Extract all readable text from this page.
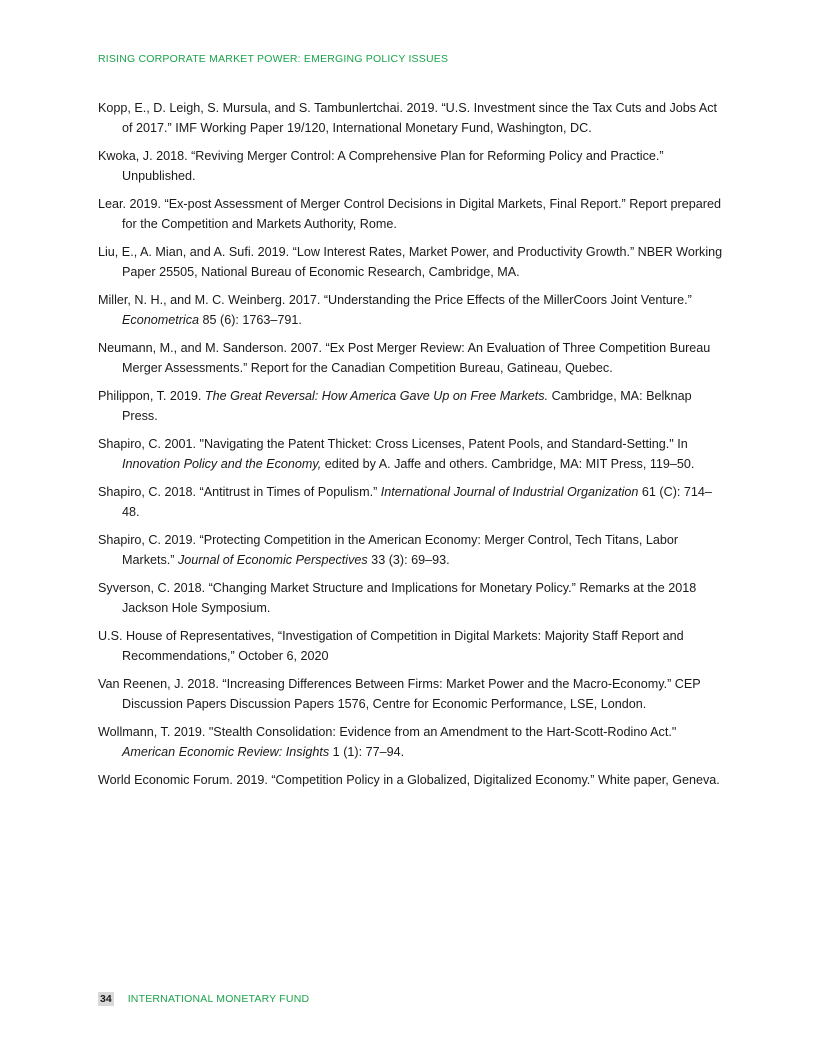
RISING CORPORATE MARKET POWER: EMERGING POLICY ISSUES

Kopp, E., D. Leigh, S. Mursula, and S. Tambunlertchai. 2019. “U.S. Investment since the Tax Cuts and Jobs Act of 2017.” IMF Working Paper 19/120, International Monetary Fund, Washington, DC.

Kwoka, J. 2018. “Reviving Merger Control: A Comprehensive Plan for Reforming Policy and Practice.” Unpublished.

Lear. 2019. “Ex-post Assessment of Merger Control Decisions in Digital Markets, Final Report.” Report prepared for the Competition and Markets Authority, Rome.

Liu, E., A. Mian, and A. Sufi. 2019. “Low Interest Rates, Market Power, and Productivity Growth.” NBER Working Paper 25505, National Bureau of Economic Research, Cambridge, MA.

Miller, N. H., and M. C. Weinberg. 2017. “Understanding the Price Effects of the MillerCoors Joint Venture.” Econometrica 85 (6): 1763–791.

Neumann, M., and M. Sanderson. 2007. “Ex Post Merger Review: An Evaluation of Three Competition Bureau Merger Assessments.” Report for the Canadian Competition Bureau, Gatineau, Quebec.

Philippon, T. 2019. The Great Reversal: How America Gave Up on Free Markets. Cambridge, MA: Belknap Press.

Shapiro, C. 2001. "Navigating the Patent Thicket: Cross Licenses, Patent Pools, and Standard-Setting." In Innovation Policy and the Economy, edited by A. Jaffe and others. Cambridge, MA: MIT Press, 119–50.

Shapiro, C. 2018. “Antitrust in Times of Populism.” International Journal of Industrial Organization 61 (C): 714–48.

Shapiro, C. 2019. “Protecting Competition in the American Economy: Merger Control, Tech Titans, Labor Markets.” Journal of Economic Perspectives 33 (3): 69–93.

Syverson, C. 2018. “Changing Market Structure and Implications for Monetary Policy.” Remarks at the 2018 Jackson Hole Symposium.

U.S. House of Representatives, “Investigation of Competition in Digital Markets: Majority Staff Report and Recommendations,” October 6, 2020

Van Reenen, J. 2018. “Increasing Differences Between Firms: Market Power and the Macro-Economy.” CEP Discussion Papers Discussion Papers 1576, Centre for Economic Performance, LSE, London.

Wollmann, T. 2019. "Stealth Consolidation: Evidence from an Amendment to the Hart-Scott-Rodino Act." American Economic Review: Insights 1 (1): 77–94.

World Economic Forum. 2019. “Competition Policy in a Globalized, Digitalized Economy.” White paper, Geneva.

34 INTERNATIONAL MONETARY FUND
